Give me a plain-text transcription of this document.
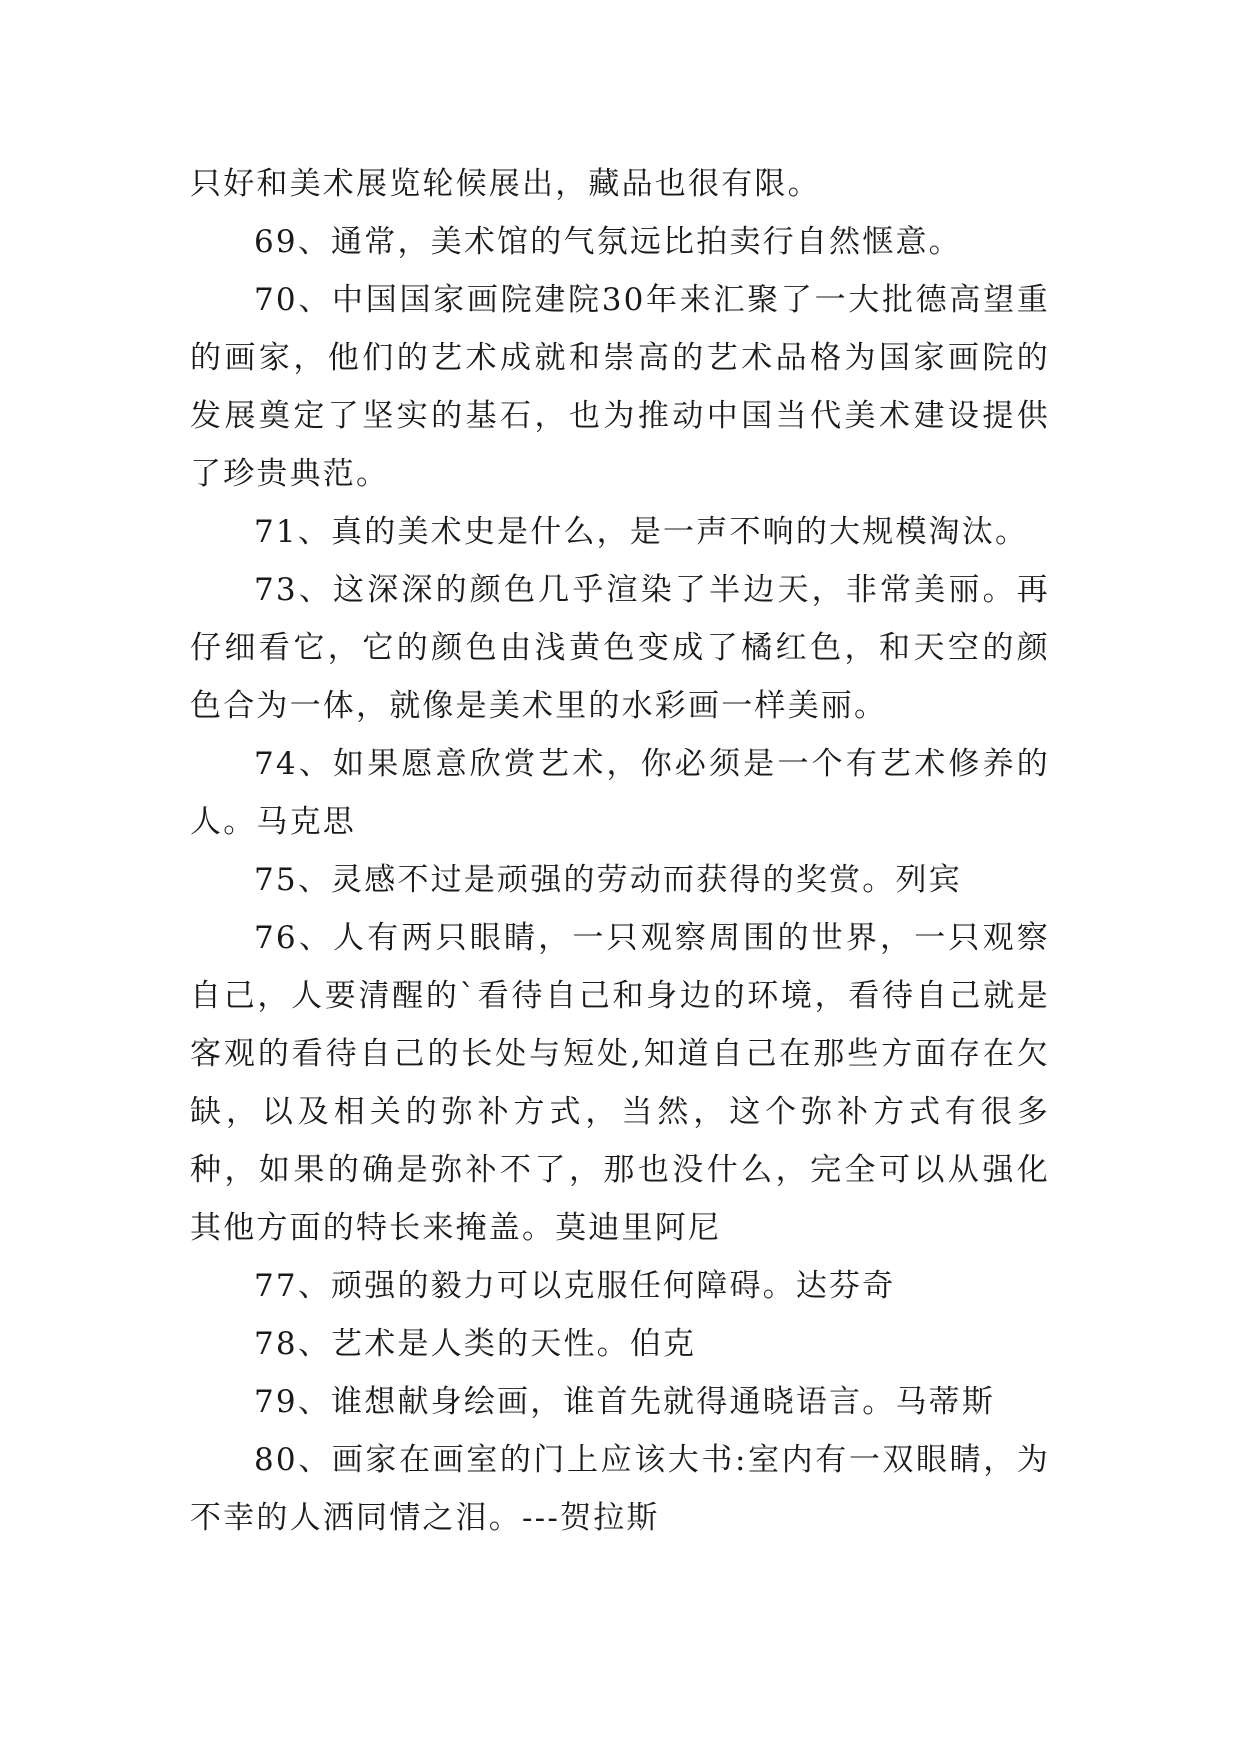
只好和美术展览轮候展出，藏品也很有限。

69、通常，美术馆的气氛远比拍卖行自然惬意。

70、中国国家画院建院30年来汇聚了一大批德高望重的画家，他们的艺术成就和崇高的艺术品格为国家画院的发展奠定了坚实的基石，也为推动中国当代美术建设提供了珍贵典范。

71、真的美术史是什么，是一声不响的大规模淘汰。

73、这深深的颜色几乎渲染了半边天，非常美丽。再仔细看它，它的颜色由浅黄色变成了橘红色，和天空的颜色合为一体，就像是美术里的水彩画一样美丽。

74、如果愿意欣赏艺术，你必须是一个有艺术修养的人。马克思

75、灵感不过是顽强的劳动而获得的奖赏。列宾

76、人有两只眼睛，一只观察周围的世界，一只观察自己，人要清醒的`看待自己和身边的环境，看待自己就是客观的看待自己的长处与短处,知道自己在那些方面存在欠缺，以及相关的弥补方式，当然，这个弥补方式有很多种，如果的确是弥补不了，那也没什么，完全可以从强化其他方面的特长来掩盖。莫迪里阿尼

77、顽强的毅力可以克服任何障碍。达芬奇

78、艺术是人类的天性。伯克

79、谁想献身绘画，谁首先就得通晓语言。马蒂斯

80、画家在画室的门上应该大书:室内有一双眼睛，为不幸的人洒同情之泪。---贺拉斯
